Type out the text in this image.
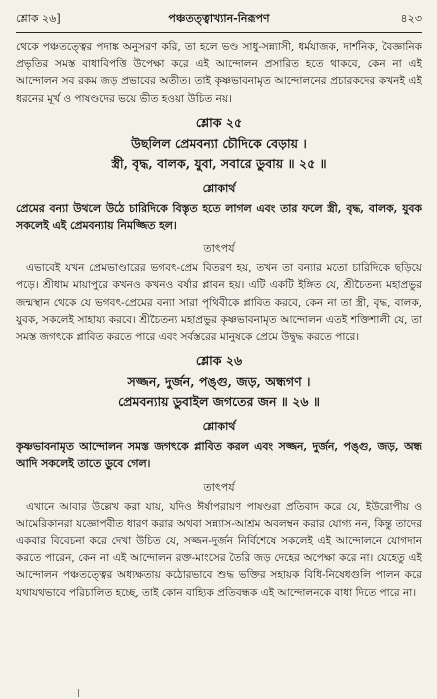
শ্লোক ২৬]	পঞ্চতত্ত্বাখ্যান-নিরূপণ	৪২৩

থেকে পঞ্চতত্ত্বের পদাঙ্ক অনুসরণ করি, তা হলে ভণ্ড সাধু-সন্ন্যাসী, ধর্মযাজক, দার্শনিক, বৈজ্ঞানিক প্রভৃতির সমস্ত বাধাবিপত্তি উপেক্ষা করে এই আন্দোলন প্রসারিত হতে থাকবে, কেন না এই আন্দোলন সব রকম জড় প্রভাবের অতীত। তাই কৃষ্ণভাবনামৃত আন্দোলনের প্রচারকদের কখনই এই ধরনের মূর্খ ও পাষণ্ডদের ভয়ে ভীত হওয়া উচিত নয়।

শ্লোক ২৫

উছলিল প্রেমবন্যা চৌদিকে বেড়ায় ।

স্ত্রী, বৃদ্ধ, বালক, যুবা, সবারে ডুবায় ॥ ২৫ ॥

শ্লোকার্থ

প্রেমের বন্যা উথলে উঠে চারিদিকে বিস্তৃত হতে লাগল এবং তার ফলে স্ত্রী, বৃদ্ধ, বালক, যুবক সকলেই এই প্রেমবন্যায় নিমজ্জিত হল।

তাৎপর্য

এভাবেই যখন প্রেমভাণ্ডারের ভগবৎ-প্রেম বিতরণ হয়, তখন তা বন্যার মতো চারিদিকে ছড়িয়ে পড়ে। শ্রীধাম মায়াপুরে কখনও কখনও বর্ষার প্লাবন হয়। এটি একটি ইঙ্গিত যে, শ্রীচৈতন্য মহাপ্রভুর জন্মস্থান থেকে যে ভগবৎ-প্রেমের বন্যা সারা পৃথিবীকে প্লাবিত করবে, কেন না তা স্ত্রী, বৃদ্ধ, বালক, যুবক, সকলেই সাহায্য করবে। শ্রীচৈতন্য মহাপ্রভুর কৃষ্ণভাবনামৃত আন্দোলন এতই শক্তিশালী যে, তা সমস্ত জগৎকে প্লাবিত করতে পারে এবং সর্বস্তরের মানুষকে প্রেমে উদ্বুদ্ধ করতে পারে।

শ্লোক ২৬

সজ্জন, দুর্জন, পঙ্গু, জড়, অন্ধগণ ।

প্রেমবন্যায় ডুবাইল জগতের জন ॥ ২৬ ॥

শ্লোকার্থ

কৃষ্ণভাবনামৃত আন্দোলন সমস্ত জগৎকে প্লাবিত করল এবং সজ্জন, দুর্জন, পঙ্গু, জড়, অন্ধ আদি সকলেই তাতে ডুবে গেল।

তাৎপর্য

এখানে আবার উল্লেখ করা যায়, যদিও ঈর্ষাপরায়ণ পাষণ্ডরা প্রতিবাদ করে যে, ইউরোপীয় ও আমেরিকানরা যজ্ঞোপবীত ধারণ করার অথবা সন্ন্যাস-আশ্রম অবলম্বন করার যোগ্য নন, কিন্তু তাদের একবার বিবেচনা করে দেখা উচিত যে, সজ্জন-দুর্জন নির্বিশেষে সকলেই এই আন্দোলনে যোগদান করতে পারেন, কেন না এই আন্দোলন রক্ত-মাংসের তৈরি জড় দেহের অপেক্ষা করে না। যেহেতু এই আন্দোলন পঞ্চতত্ত্বের অধ্যক্ষতায় কঠোরভাবে শুদ্ধ ভক্তির সহায়ক বিধি-নিষেধগুলি পালন করে যথাযথভাবে পরিচালিত হচ্ছে, তাই কোন বাহ্যিক প্রতিবন্ধক এই আন্দোলনকে বাধা দিতে পারে না।
